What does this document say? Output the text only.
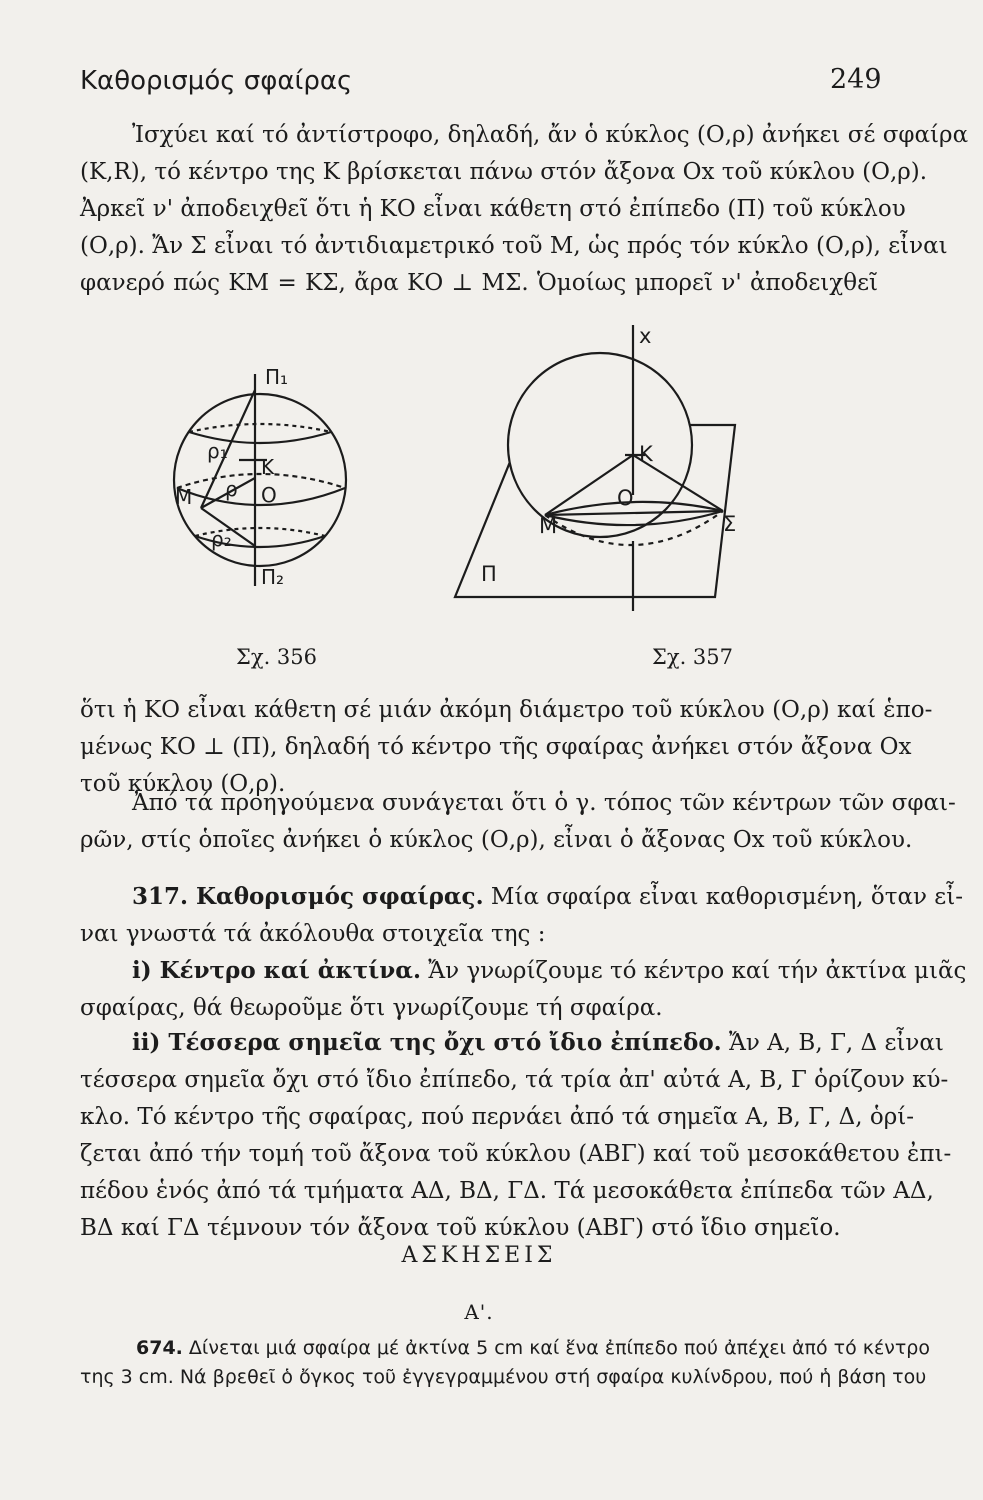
Καθορισμός σφαίρας	249
Ἰσχύει καί τό ἀντίστροφο, δηλαδή, ἄν ὁ κύκλος (Ο,ρ) ἀνήκει σέ σφαίρα
(Κ,R), τό κέντρο της Κ βρίσκεται πάνω στόν ἄξονα Οx τοῦ κύκλου (Ο,ρ).
Ἀρκεῖ ν' ἀποδειχθεῖ ὅτι ἡ ΚΟ εἶναι κάθετη στό ἐπίπεδο (Π) τοῦ κύκλου
(Ο,ρ). Ἄν Σ εἶναι τό ἀντιδιαμετρικό τοῦ Μ, ὡς πρός τόν κύκλο (Ο,ρ), εἶναι
φανερό πώς ΚΜ = ΚΣ, ἄρα ΚΟ ⊥ ΜΣ. Ὁμοίως μπορεῖ ν' ἀποδειχθεῖ
Π₁
ρ₁
Κ
ρ Ο
Μ
ρ₂
Π₂
Σχ. 356
x
Κ
Ο
Μ	Σ
Π
Σχ. 357
ὅτι ἡ ΚΟ εἶναι κάθετη σέ μιάν ἀκόμη διάμετρο τοῦ κύκλου (Ο,ρ) καί ἑπο-
μένως ΚΟ ⊥ (Π), δηλαδή τό κέντρο τῆς σφαίρας ἀνήκει στόν ἄξονα Οx
τοῦ κύκλου (Ο,ρ).
Ἀπό τά προηγούμενα συνάγεται ὅτι ὁ γ. τόπος τῶν κέντρων τῶν σφαι-
ρῶν, στίς ὁποῖες ἀνήκει ὁ κύκλος (Ο,ρ), εἶναι ὁ ἄξονας Οx τοῦ κύκλου.
317. Καθορισμός σφαίρας. Μία σφαίρα εἶναι καθορισμένη, ὅταν εἶ-
ναι γνωστά τά ἀκόλουθα στοιχεῖα της :
i) Κέντρο καί ἀκτίνα. Ἄν γνωρίζουμε τό κέντρο καί τήν ἀκτίνα μιᾶς
σφαίρας, θά θεωροῦμε ὅτι γνωρίζουμε τή σφαίρα.
ii) Τέσσερα σημεῖα της ὄχι στό ἴδιο ἐπίπεδο. Ἄν Α, Β, Γ, Δ εἶναι
τέσσερα σημεῖα ὄχι στό ἴδιο ἐπίπεδο, τά τρία ἀπ' αὐτά Α, Β, Γ ὁρίζουν κύ-
κλο. Τό κέντρο τῆς σφαίρας, πού περνάει ἀπό τά σημεῖα Α, Β, Γ, Δ, ὁρί-
ζεται ἀπό τήν τομή τοῦ ἄξονα τοῦ κύκλου (ΑΒΓ) καί τοῦ μεσοκάθετου ἐπι-
πέδου ἑνός ἀπό τά τμήματα ΑΔ, ΒΔ, ΓΔ. Τά μεσοκάθετα ἐπίπεδα τῶν ΑΔ,
ΒΔ καί ΓΔ τέμνουν τόν ἄξονα τοῦ κύκλου (ΑΒΓ) στό ἴδιο σημεῖο.
ΑΣΚΗΣΕΙΣ
Α'.
674. Δίνεται μιά σφαίρα μέ ἀκτίνα 5 cm καί ἕνα ἐπίπεδο πού ἀπέχει ἀπό τό κέντρο
της 3 cm. Νά βρεθεῖ ὁ ὄγκος τοῦ ἐγγεγραμμένου στή σφαίρα κυλίνδρου, πού ἡ βάση του
